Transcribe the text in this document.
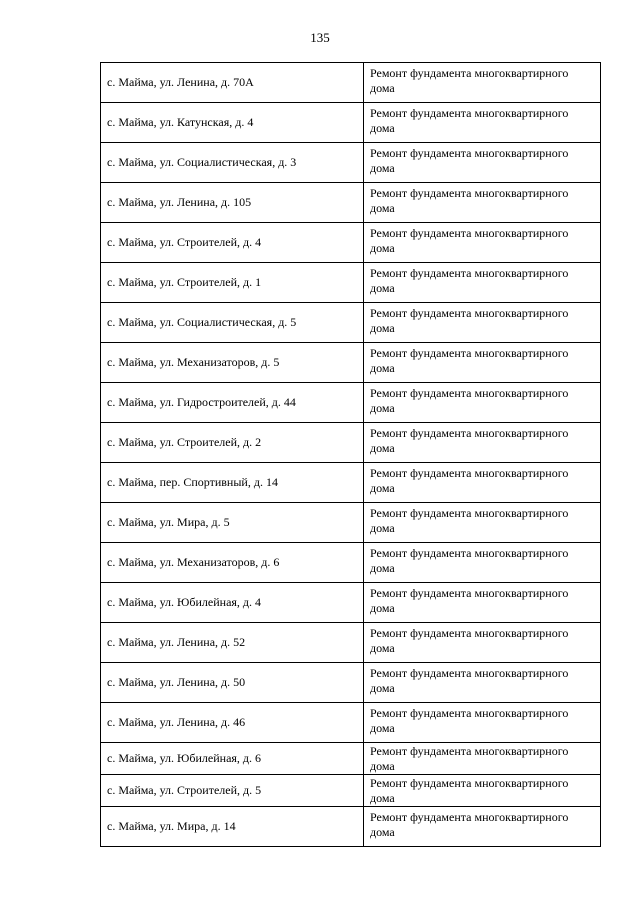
135
с. Майма, ул. Ленина, д. 70А	Ремонт фундамента многоквартирного дома
с. Майма, ул. Катунская, д. 4	Ремонт фундамента многоквартирного дома
с. Майма, ул. Социалистическая, д. 3	Ремонт фундамента многоквартирного дома
с. Майма, ул. Ленина, д. 105	Ремонт фундамента многоквартирного дома
с. Майма, ул. Строителей, д. 4	Ремонт фундамента многоквартирного дома
с. Майма, ул. Строителей, д. 1	Ремонт фундамента многоквартирного дома
с. Майма, ул. Социалистическая, д. 5	Ремонт фундамента многоквартирного дома
с. Майма, ул. Механизаторов, д. 5	Ремонт фундамента многоквартирного дома
с. Майма, ул. Гидростроителей, д. 44	Ремонт фундамента многоквартирного дома
с. Майма, ул. Строителей, д. 2	Ремонт фундамента многоквартирного дома
с. Майма, пер. Спортивный, д. 14	Ремонт фундамента многоквартирного дома
с. Майма, ул. Мира, д. 5	Ремонт фундамента многоквартирного дома
с. Майма, ул. Механизаторов, д. 6	Ремонт фундамента многоквартирного дома
с. Майма, ул. Юбилейная, д. 4	Ремонт фундамента многоквартирного дома
с. Майма, ул. Ленина, д. 52	Ремонт фундамента многоквартирного дома
с. Майма, ул. Ленина, д. 50	Ремонт фундамента многоквартирного дома
с. Майма, ул. Ленина, д. 46	Ремонт фундамента многоквартирного дома
с. Майма, ул. Юбилейная, д. 6	Ремонт фундамента многоквартирного дома
с. Майма, ул. Строителей, д. 5	Ремонт фундамента многоквартирного дома
с. Майма, ул. Мира, д. 14	Ремонт фундамента многоквартирного дома
